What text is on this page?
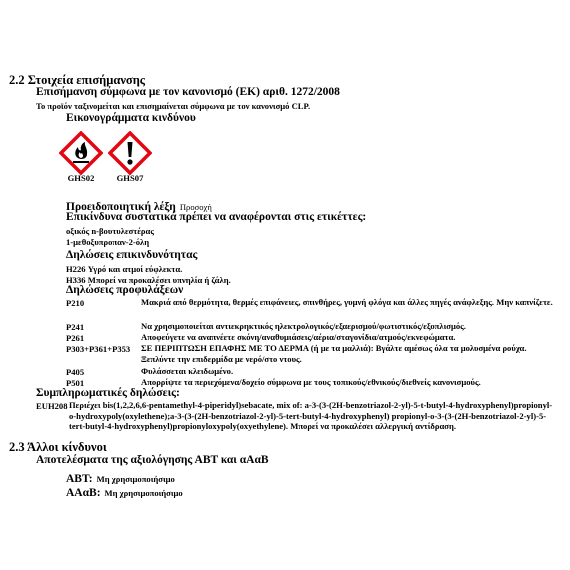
2.2 Στοιχεία επισήμανσης
Επισήμανση σύμφωνα με τον κανονισμό (ΕΚ) αριθ. 1272/2008
Το προϊόν ταξινομείται και επισημαίνεται σύμφωνα με τον κανονισμό CLP.
Εικονογράμματα κινδύνου
GHS02	GHS07
Προειδοποιητική λέξη Προσοχή
Επικίνδυνα συστατικά πρέπει να αναφέρονται στις ετικέττες:
οξικός n-βουτυλεστέρας
1-μεθοξυπροπαν-2-όλη
Δηλώσεις επικινδυνότητας
H226 Υγρό και ατμοί εύφλεκτα.
H336 Μπορεί να προκαλέσει υπνηλία ή ζάλη.
Δηλώσεις προφυλάξεων
P210	Μακριά από θερμότητα, θερμές επιφάνειες, σπινθήρες, γυμνή φλόγα και άλλες πηγές ανάφλεξης. Μην καπνίζετε.
P241	Να χρησιμοποιείται αντιεκρηκτικός ηλεκτρολογικός/εξαερισμού/φωτιστικός/εξοπλισμός.
P261	Αποφεύγετε να αναπνέετε σκόνη/αναθυμιάσεις/αέρια/σταγονίδια/ατμούς/εκνεφώματα.
P303+P361+P353 ΣΕ ΠΕΡΙΠΤΩΣΗ ΕΠΑΦΗΣ ΜΕ ΤΟ ΔΕΡΜΑ (ή με τα μαλλιά): Βγάλτε αμέσως όλα τα μολυσμένα ρούχα. Ξεπλύντε την επιδερμίδα με νερό/στο ντους.
P405	Φυλάσσεται κλειδωμένο.
P501	Απορρίψτε τα περιεχόμενα/δοχείο σύμφωνα με τους τοπικούς/εθνικούς/διεθνείς κανονισμούς.
Συμπληρωματικές δηλώσεις:
EUH208 Περιέχει bis(1,2,2,6,6-pentamethyl-4-piperidyl)sebacate, mix of: a-3-(3-(2H-benzotriazol-2-yl)-5-t-butyl-4-hydroxyphenyl)propionyl-o-hydroxypoly(oxylethene);a-3-(3-(2H-benzotriazol-2-yl)-5-tert-butyl-4-hydroxyphenyl) propionyl-o-3-(3-(2H-benzotriazol-2-yl)-5-tert-butyl-4-hydroxyphenyl)propionyloxypoly(oxyethylene). Μπορεί να προκαλέσει αλλεργική αντίδραση.
2.3 Άλλοι κίνδυνοι
Αποτελέσματα της αξιολόγησης ΑΒΤ και αΑαΒ
ΑΒΤ: Μη χρησιμοποιήσιμο
ΑΑαΒ: Μη χρησιμοποιήσιμο
